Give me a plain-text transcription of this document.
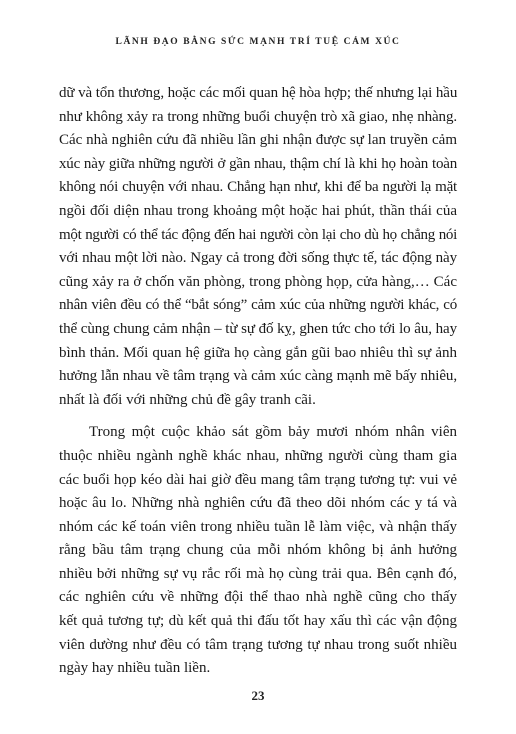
LÃNH ĐẠO BẰNG SỨC MẠNH TRÍ TUỆ CẢM XÚC

dữ và tổn thương, hoặc các mối quan hệ hòa hợp; thế nhưng lại hầu
như không xảy ra trong những buổi chuyện trò xã giao, nhẹ nhàng.
Các nhà nghiên cứu đã nhiều lần ghi nhận được sự lan truyền cảm
xúc này giữa những người ở gần nhau, thậm chí là khi họ hoàn toàn
không nói chuyện với nhau. Chẳng hạn như, khi để ba người lạ mặt
ngồi đối diện nhau trong khoảng một hoặc hai phút, thần thái của
một người có thể tác động đến hai người còn lại cho dù họ chẳng nói
với nhau một lời nào. Ngay cả trong đời sống thực tế, tác động này
cũng xảy ra ở chốn văn phòng, trong phòng họp, cửa hàng,… Các
nhân viên đều có thể “bắt sóng” cảm xúc của những người khác, có
thể cùng chung cảm nhận – từ sự đố kỵ, ghen tức cho tới lo âu, hay
bình thản. Mối quan hệ giữa họ càng gắn gũi bao nhiêu thì sự ảnh
hưởng lẫn nhau về tâm trạng và cảm xúc càng mạnh mẽ bấy nhiêu,
nhất là đối với những chủ đề gây tranh cãi.

Trong một cuộc khảo sát gồm bảy mươi nhóm nhân viên
thuộc nhiều ngành nghề khác nhau, những người cùng tham gia
các buổi họp kéo dài hai giờ đều mang tâm trạng tương tự: vui vẻ
hoặc âu lo. Những nhà nghiên cứu đã theo dõi nhóm các y tá và
nhóm các kế toán viên trong nhiều tuần lễ làm việc, và nhận thấy
rằng bầu tâm trạng chung của mỗi nhóm không bị ảnh hưởng
nhiều bởi những sự vụ rắc rối mà họ cùng trải qua. Bên cạnh đó,
các nghiên cứu về những đội thể thao nhà nghề cũng cho thấy
kết quả tương tự; dù kết quả thi đấu tốt hay xấu thì các vận động
viên dường như đều có tâm trạng tương tự nhau trong suốt nhiều
ngày hay nhiều tuần liền.

23
